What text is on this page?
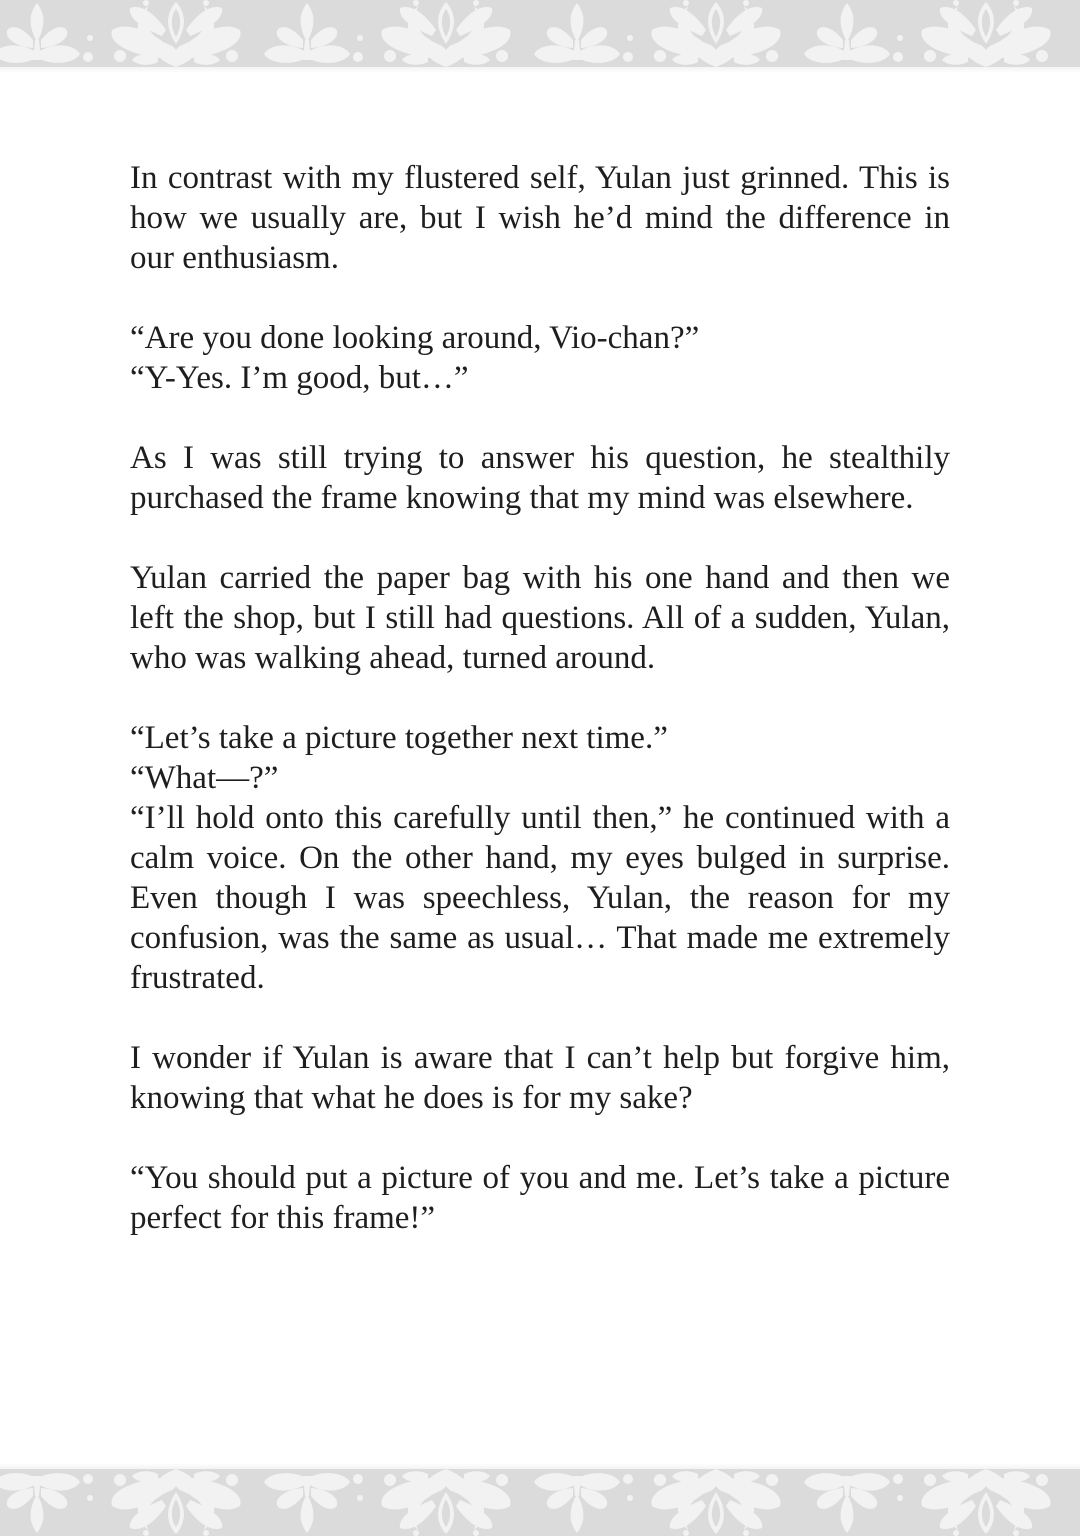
In contrast with my flustered self, Yulan just grinned. This is how we usually are, but I wish he’d mind the difference in our enthusiasm.

“Are you done looking around, Vio-chan?”

“Y-Yes. I’m good, but…”

As I was still trying to answer his question, he stealthily purchased the frame knowing that my mind was elsewhere.

Yulan carried the paper bag with his one hand and then we left the shop, but I still had questions. All of a sudden, Yulan, who was walking ahead, turned around.

“Let’s take a picture together next time.”

“What—?”

“I’ll hold onto this carefully until then,” he continued with a calm voice. On the other hand, my eyes bulged in surprise. Even though I was speechless, Yulan, the reason for my confusion, was the same as usual… That made me extremely frustrated.

I wonder if Yulan is aware that I can’t help but forgive him, knowing that what he does is for my sake?

“You should put a picture of you and me. Let’s take a picture perfect for this frame!”
